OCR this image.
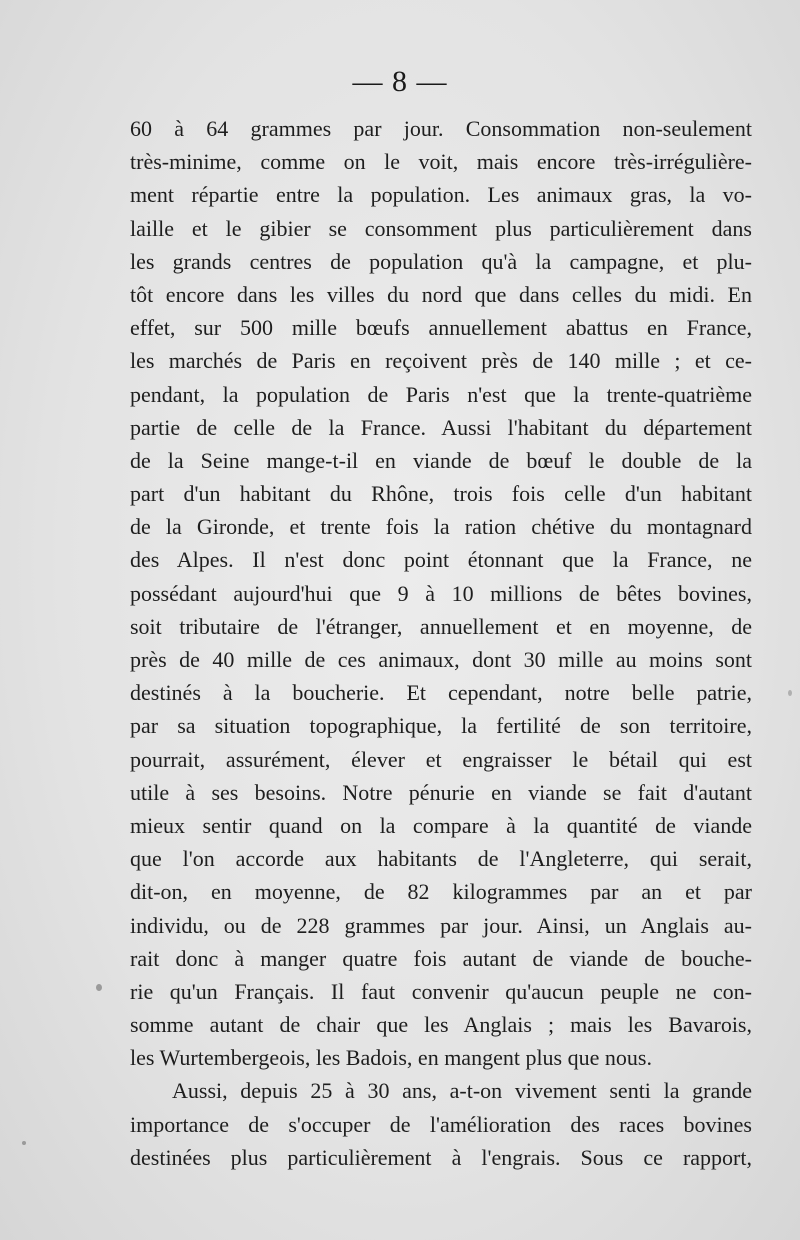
— 8 —
60 à 64 grammes par jour. Consommation non-seulement
très-minime, comme on le voit, mais encore très-irrégulière-
ment répartie entre la population. Les animaux gras, la vo-
laille et le gibier se consomment plus particulièrement dans
les grands centres de population qu'à la campagne, et plu-
tôt encore dans les villes du nord que dans celles du midi. En
effet, sur 500 mille bœufs annuellement abattus en France,
les marchés de Paris en reçoivent près de 140 mille ; et ce-
pendant, la population de Paris n'est que la trente-quatrième
partie de celle de la France. Aussi l'habitant du département
de la Seine mange-t-il en viande de bœuf le double de la
part d'un habitant du Rhône, trois fois celle d'un habitant
de la Gironde, et trente fois la ration chétive du montagnard
des Alpes. Il n'est donc point étonnant que la France, ne
possédant aujourd'hui que 9 à 10 millions de bêtes bovines,
soit tributaire de l'étranger, annuellement et en moyenne, de
près de 40 mille de ces animaux, dont 30 mille au moins sont
destinés à la boucherie. Et cependant, notre belle patrie,
par sa situation topographique, la fertilité de son territoire,
pourrait, assurément, élever et engraisser le bétail qui est
utile à ses besoins. Notre pénurie en viande se fait d'autant
mieux sentir quand on la compare à la quantité de viande
que l'on accorde aux habitants de l'Angleterre, qui serait,
dit-on, en moyenne, de 82 kilogrammes par an et par
individu, ou de 228 grammes par jour. Ainsi, un Anglais au-
rait donc à manger quatre fois autant de viande de bouche-
rie qu'un Français. Il faut convenir qu'aucun peuple ne con-
somme autant de chair que les Anglais ; mais les Bavarois,
les Wurtembergeois, les Badois, en mangent plus que nous.
Aussi, depuis 25 à 30 ans, a-t-on vivement senti la grande
importance de s'occuper de l'amélioration des races bovines
destinées plus particulièrement à l'engrais. Sous ce rapport,
